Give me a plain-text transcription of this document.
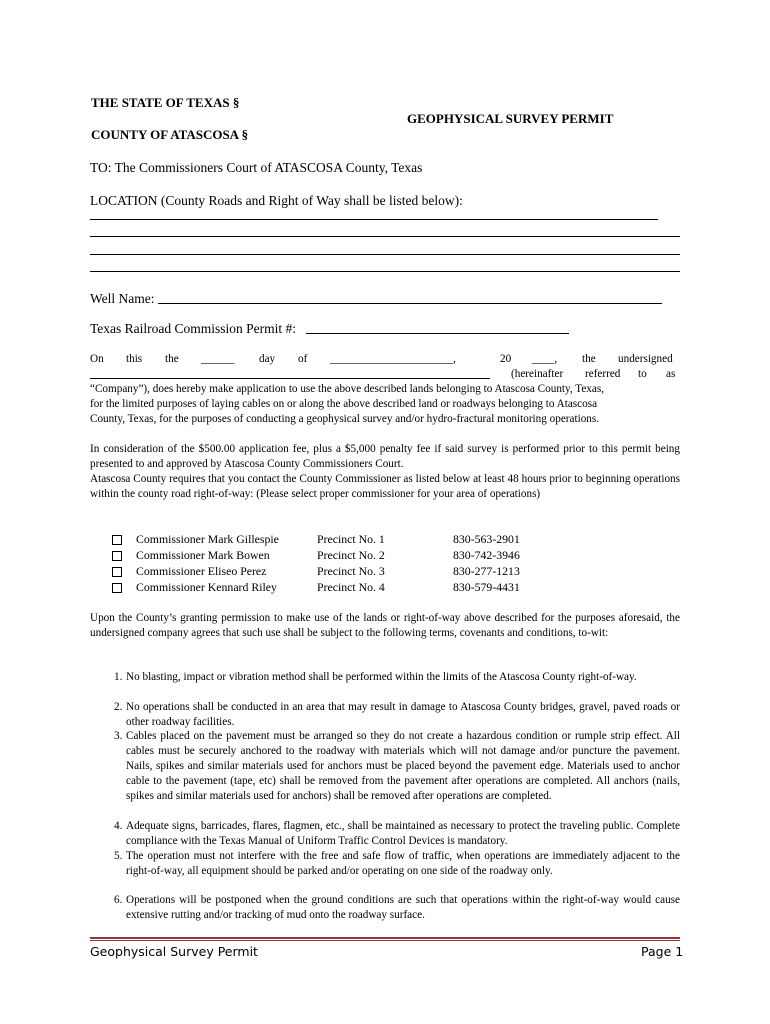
THE STATE OF TEXAS §
GEOPHYSICAL SURVEY PERMIT
COUNTY OF ATASCOSA §
TO: The Commissioners Court of ATASCOSA County, Texas
LOCATION (County Roads and Right of Way shall be listed below):
Well Name:
Texas Railroad Commission Permit #:
On this the ______ day of ______________________,	20 ____, the undersigned
(hereinafter referred to as
“Company”), does hereby make application to use the above described lands belonging to Atascosa County, Texas,
for the limited purposes of laying cables on or along the above described land or roadways belonging to Atascosa
County, Texas, for the purposes of conducting a geophysical survey and/or hydro-fractural monitoring operations.
In consideration of the $500.00 application fee, plus a $5,000 penalty fee if said survey is performed prior to this permit being presented to and approved by Atascosa County Commissioners Court.
Atascosa County requires that you contact the County Commissioner as listed below at least 48 hours prior to beginning operations within the county road right-of-way: (Please select proper commissioner for your area of operations)
Commissioner Mark Gillespie	Precinct No. 1	830-563-2901
Commissioner Mark Bowen	Precinct No. 2	830-742-3946
Commissioner Eliseo Perez	Precinct No. 3	830-277-1213
Commissioner Kennard Riley	Precinct No. 4	830-579-4431
Upon the County’s granting permission to make use of the lands or right-of-way above described for the purposes aforesaid, the undersigned company agrees that such use shall be subject to the following terms, covenants and conditions, to-wit:
1. No blasting, impact or vibration method shall be performed within the limits of the Atascosa County right-of-way.
2. No operations shall be conducted in an area that may result in damage to Atascosa County bridges, gravel, paved roads or other roadway facilities.
3. Cables placed on the pavement must be arranged so they do not create a hazardous condition or rumple strip effect. All cables must be securely anchored to the roadway with materials which will not damage and/or puncture the pavement. Nails, spikes and similar materials used for anchors must be placed beyond the pavement edge. Materials used to anchor cable to the pavement (tape, etc) shall be removed from the pavement after operations are completed. All anchors (nails, spikes and similar materials used for anchors) shall be removed after operations are completed.
4. Adequate signs, barricades, flares, flagmen, etc., shall be maintained as necessary to protect the traveling public. Complete compliance with the Texas Manual of Uniform Traffic Control Devices is mandatory.
5. The operation must not interfere with the free and safe flow of traffic, when operations are immediately adjacent to the right-of-way, all equipment should be parked and/or operating on one side of the roadway only.
6. Operations will be postponed when the ground conditions are such that operations within the right-of-way would cause extensive rutting and/or tracking of mud onto the roadway surface.
Geophysical Survey Permit	Page 1
